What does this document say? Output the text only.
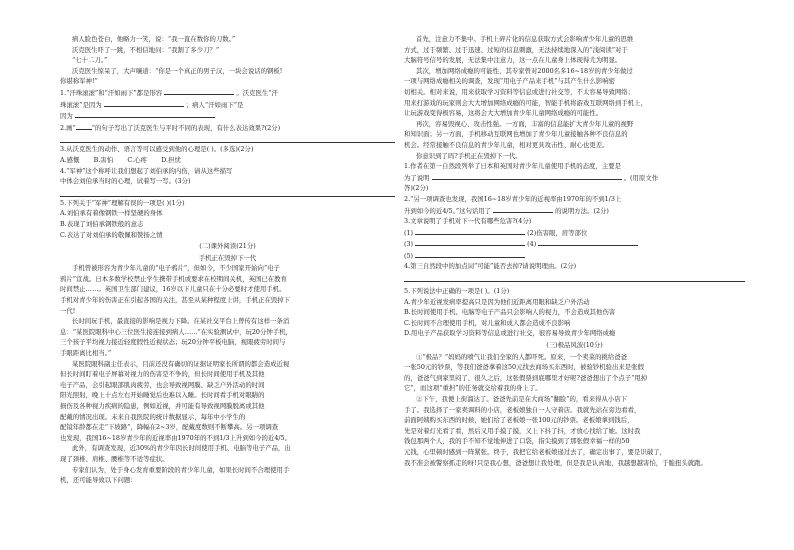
病人脸色苍白，他略力一笑，说：“我一直在数你的刀数。”
沃克医生吓了一跳，不相信地问：“我割了多少刀？”
“七十二刀。”
沃克医生惊呆了，大声嚷道：“你是一个真正的男子汉，一块会说话的钢板!
你堪称军神!”
1.“汗珠滚滚”和“汗如雨下”都是形容	。沃克医生“汗
珠滚滚”是因为	；病人“汗如雨下”是
因为
2.画“	”的句子写出了沃克医生与平时不同的表现，有什么表达效果?(2分)
3.从沃克医生的动作、语言等可以感受到他的心理是( )。(多选)(2分)
A.感慨 B.害怕 C.心疼 D.担忧
4.“军神”这个称呼让我们想起了刘伯承的内伤，请从这些描写
中体会刘伯承当时的心理，试着写一写。(3分)
5.下列关于“军神”理解有误的一项是( )(1分)
A.刘伯承有着像钢铁一样坚硬的身体
B.表现了刘伯承钢铁般的意志
C.表达了对刘伯承的敬佩和赞扬之情
(二)课外阅读(21分)
手机正在毁掉下一代
手机曾被形容为青少年儿童的“电子鸦片”，但如今，不少国家开始向“电子
鸦片”宣战。日本多数学校禁止学生携带手机或要求在校期间关机，英国已在教育
时间禁止……。英国卫生部门建议，16岁以下儿童只在十分必要时才使用手机。
手机对青少年的伤害正在引起各国的关注，甚至从某种程度上讲，手机正在毁掉下
一代!
长时间玩手机，最直接的影响是视力下降。在某社交平台上曾传有这样一条消
息：“某医院眼科中心三位医生接连接到病人……”在实验测试中，玩20分钟手机，
三个孩子平均视力接近轻度假性近视状态；玩20分钟平板电脑，视眼疲劳时间与
手眼距离比相当。”
某医院眼科副主任表示，目前还没有确切的证据证明家长所谓的都会造成近视
但长时间盯着电子屏幕对视力的伤害是不争的，但长时间使用手机及其他
电子产品，会引起眼部肌肉疲劳，也会导致视网膜、缺乏户外活动的时间
阳光照射，晚上十点左右开始睡觉后也难以入睡。长时间看手机对眼睛的
损伤及各种视力疾病的隐患，例如近视，并可能有导致视网膜脱离或其他
配戴的情况出现。未来自我医院的统计数据显示，每年中小学生的
配镜年龄都在走“下坡路”，降幅在2~3岁，配戴度数则不断攀高。另一项调查
也发现，我国16~18岁青少年的近视率由1970年的不到1/3上升到如今的近4/5。
此外，有调查发现，近30%的青少年因长时间使用手机、电脑等电子产品，出
现了颈椎、肩椎、腰椎等不适等症状。
专家们认为，处于身心发育重要阶段的青少年儿童，如果长时间不合理使用手
机，还可能导致以下问题：
首先，注意力不集中。手机上碎片化的信息获取方式会影响青少年儿童的思维
方式，过于频繁、过于迅速、过短的信息刺激，无法持续地深入的“浅阅读”对于
大脑符号信号的发展，无法集中注意力，这一点在儿童身上体现得尤为明显。
其次，增加网络成瘾的可能性，其专家曾对2000名多16~18岁的青少年做过
一项与网络成瘾相关的调查，发现“用电子产品来手机”与其产生什么影响密
切相关。相对来说，用来获取学习资料等信息或进行社交等，不太容易导致网络；
用来打游戏的玩家则会大大增加网络成瘾的可能，智能手机将游戏互联网络到手机上，
让玩游戏变得极容易，这将会大大增加青少年儿童网络成瘾的可能性。
再次，容易毁视心、攻击性强。一方面，丰富的信息能扩大青少年儿童的视野
和知识面；另一方面，手机移动互联网也增加了青少年儿童接触各种不良信息的
机会。经常接触不良信息的青少年儿童，相对更具攻击性、耐心也更差。
你意识到了吗?手机正在毁掉下一代。
1.作者在第一自然段列举了日本和英国对青少年儿童使用手机的态度，主要是
为了说明	。(用原文作
答)(2分)
2.“另一项调查也发现，我国16~18岁青少年的近视率由1970年的不到1/3上
升到如今的近4/5。”这句话用了	的说明方法。(2分)
3.文章说明了手机对下一代有哪些危害?(4分)
(1)	(2)伤害眼，肩等部位
(3)	(4)
(5)
4.第三自然段中的加点词“可能”能否去掉?请说明理由。(2分)
5.下列说法中正确的一项是( )。(1分)
A.青少年近视发病率提高只是因为他们近距离用眼和缺乏户外活动
B.长时间使用手机、电脑等电子产品只会影响人的视力，不会造成其他伤害
C.长时间不合理使用手机，对儿童和成人都会造成不良影响
D.用电子产品获取学习资料等信息或进行社交，很容易导致青少年网络成瘾
(三)极品风波(10分)
①“极品？”妈妈的喷气让我们全家的人都吓死。原来，一个卖菜的挑给爸爸
一张50元的钞票，等我们爸爸拿着这50元找去商场买东西时，被验钞机验出来是张假
的，爸爸气到家里闷了，很久之后，这张假票到底哪里才好呢?爸爸想出了个点子“甩掉
它”，而这项“重担”的任务就交给着我的身上了。
②下午，我便上街溜达了。爸爸先前是在大商场“翻脸”的，看来得从小店下
手了。我选择了一家卖调料的小店，老板娘独自一人守着店。我就先站在旁边看看，
前面阿姨购买东西的时候，她们给了老板娘一张100元的钞票。老板娘拿到钱后，
先是对着灯光看了看，然后又用手摸了摸，又上下抖了抖，才放心找给了她。这时我
钱包那两个人，我的手不知不觉地伸进了口袋，指尖摸到了那张假幸福一样的50
元钱，心里顿时感到一阵紧张。终于，我把它给老板娘递过去了，确定出事了，要是识破了，
我不准会被警察抓走的呀!只是我心想，爸爸想让我处理，但是我是认真地，我越想越害怕，于脆扭头就跑。
